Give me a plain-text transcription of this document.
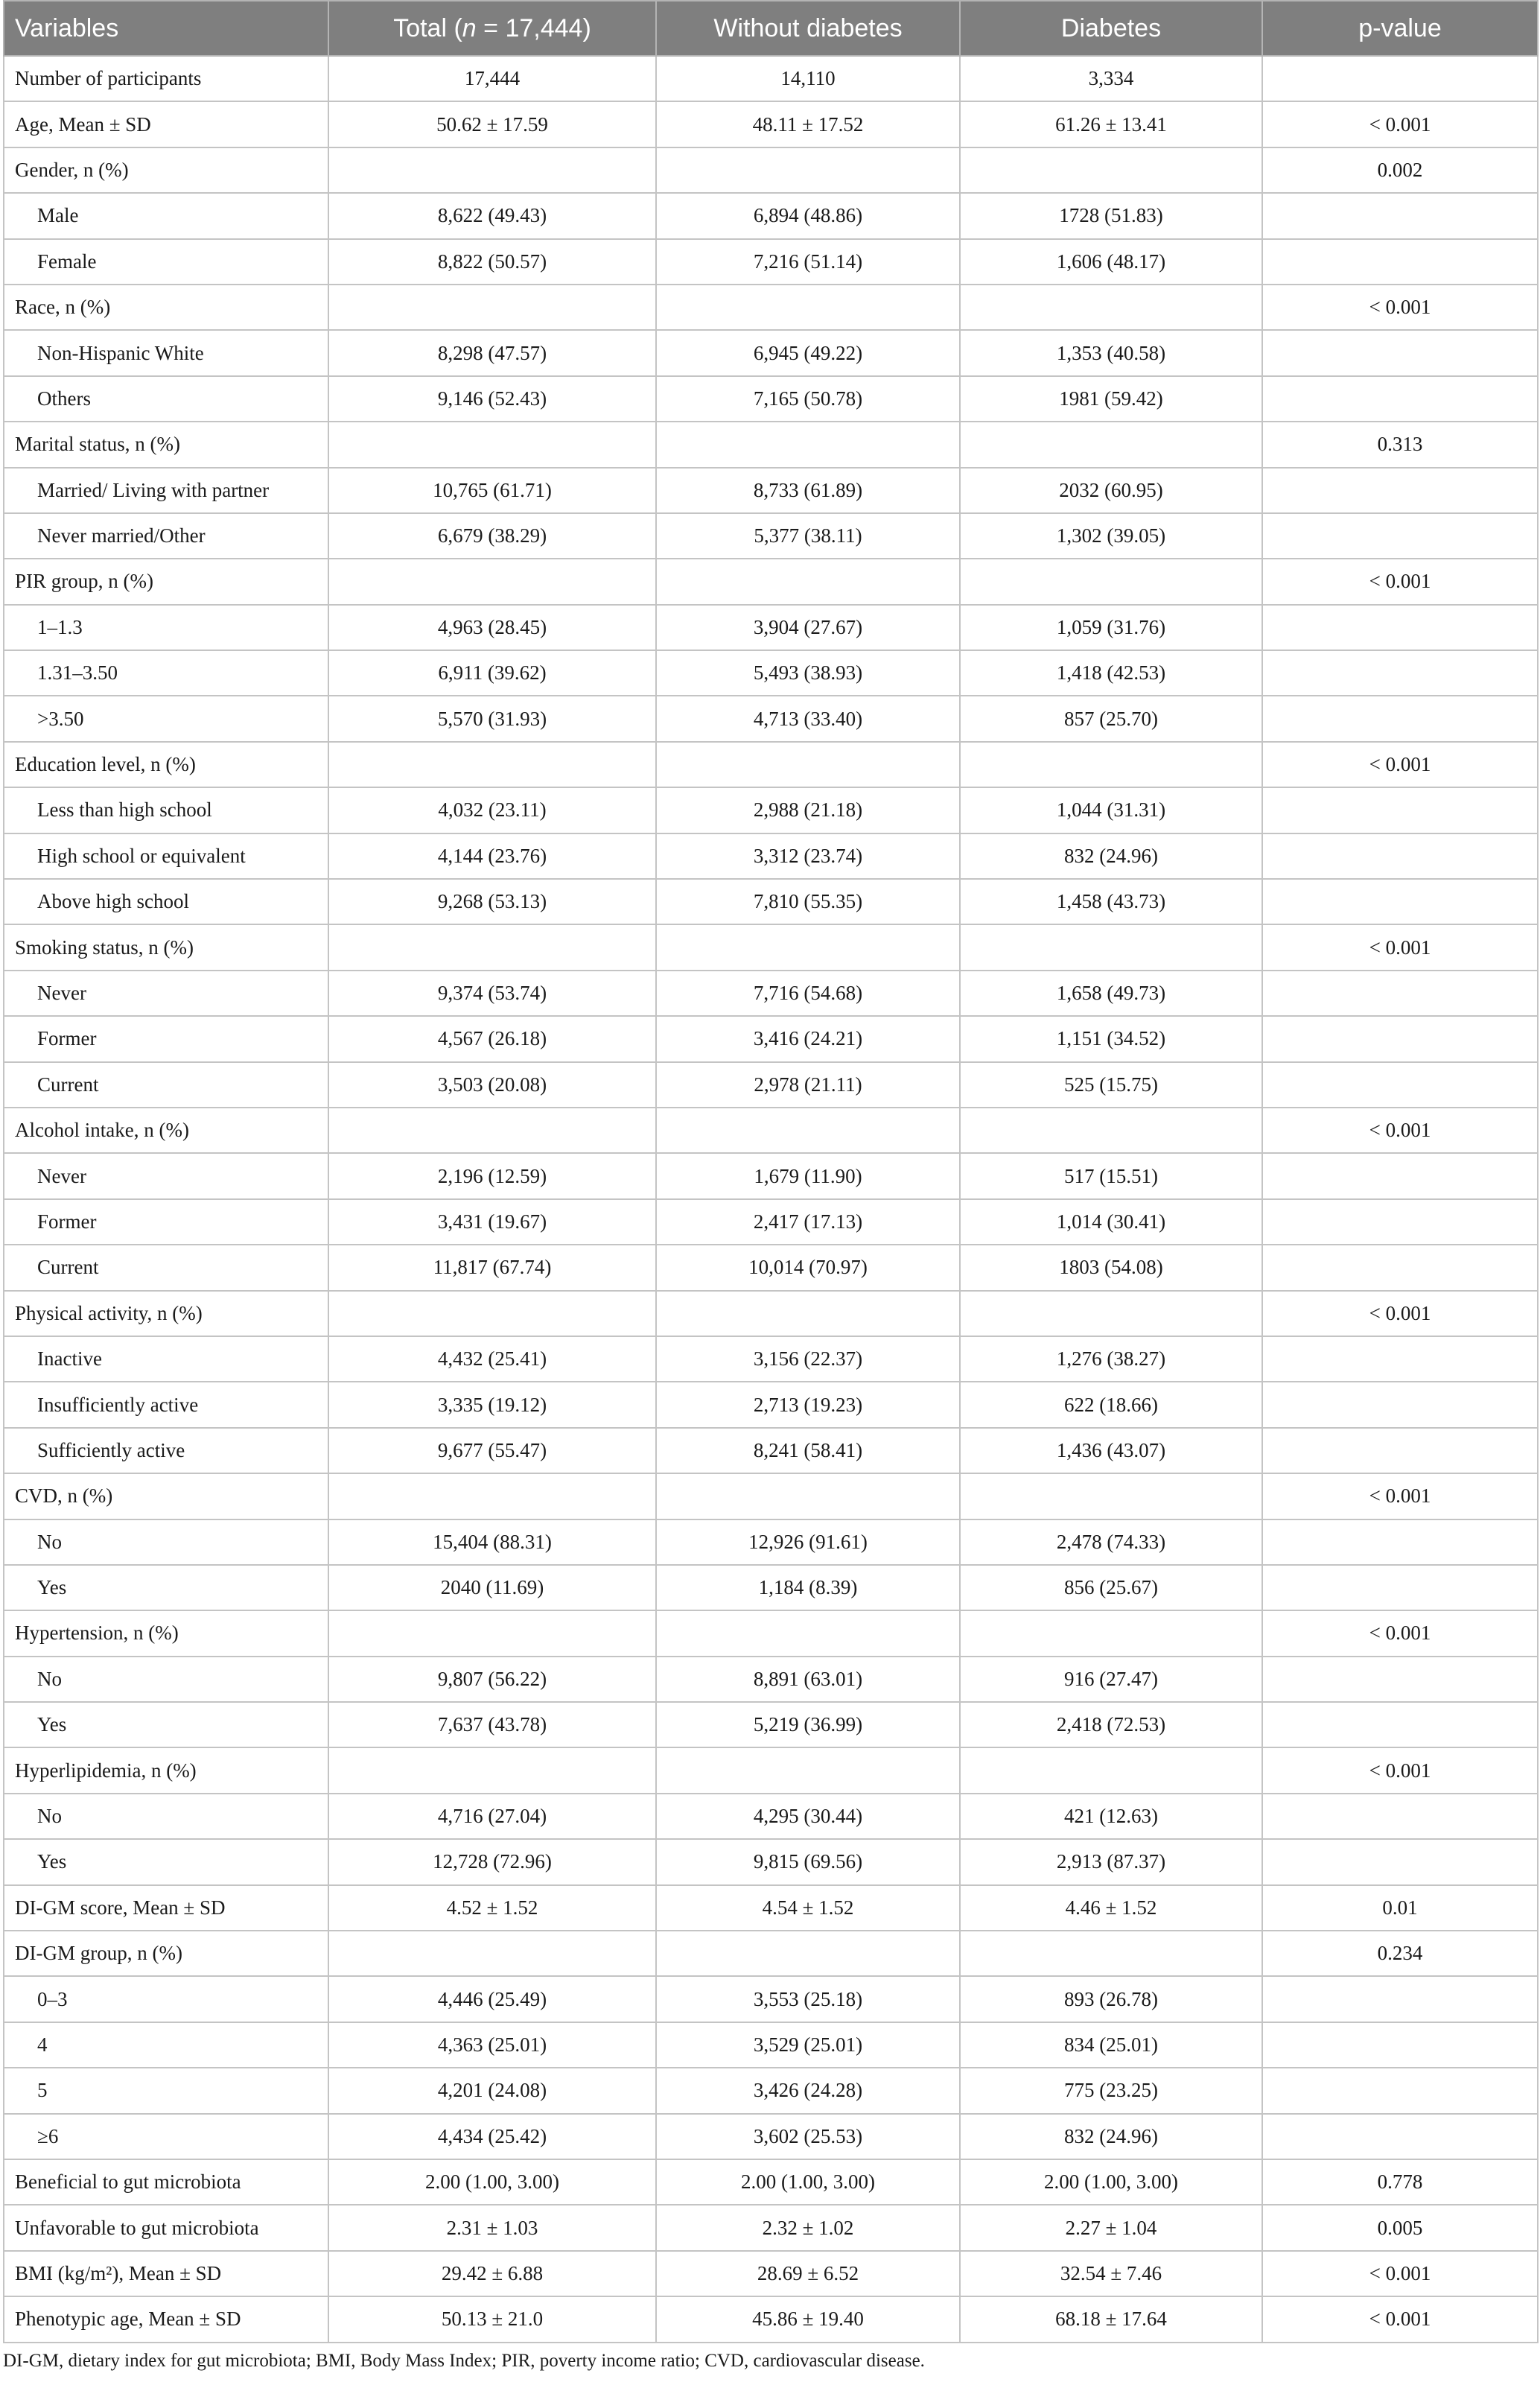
Variables	Total (n = 17,444)	Without diabetes	Diabetes	p-value
Number of participants	17,444	14,110	3,334	
Age, Mean ± SD	50.62 ± 17.59	48.11 ± 17.52	61.26 ± 13.41	< 0.001
Gender, n (%)				0.002
Male	8,622 (49.43)	6,894 (48.86)	1728 (51.83)	
Female	8,822 (50.57)	7,216 (51.14)	1,606 (48.17)	
Race, n (%)				< 0.001
Non-Hispanic White	8,298 (47.57)	6,945 (49.22)	1,353 (40.58)	
Others	9,146 (52.43)	7,165 (50.78)	1981 (59.42)	
Marital status, n (%)				0.313
Married/ Living with partner	10,765 (61.71)	8,733 (61.89)	2032 (60.95)	
Never married/Other	6,679 (38.29)	5,377 (38.11)	1,302 (39.05)	
PIR group, n (%)				< 0.001
1–1.3	4,963 (28.45)	3,904 (27.67)	1,059 (31.76)	
1.31–3.50	6,911 (39.62)	5,493 (38.93)	1,418 (42.53)	
>3.50	5,570 (31.93)	4,713 (33.40)	857 (25.70)	
Education level, n (%)				< 0.001
Less than high school	4,032 (23.11)	2,988 (21.18)	1,044 (31.31)	
High school or equivalent	4,144 (23.76)	3,312 (23.74)	832 (24.96)	
Above high school	9,268 (53.13)	7,810 (55.35)	1,458 (43.73)	
Smoking status, n (%)				< 0.001
Never	9,374 (53.74)	7,716 (54.68)	1,658 (49.73)	
Former	4,567 (26.18)	3,416 (24.21)	1,151 (34.52)	
Current	3,503 (20.08)	2,978 (21.11)	525 (15.75)	
Alcohol intake, n (%)				< 0.001
Never	2,196 (12.59)	1,679 (11.90)	517 (15.51)	
Former	3,431 (19.67)	2,417 (17.13)	1,014 (30.41)	
Current	11,817 (67.74)	10,014 (70.97)	1803 (54.08)	
Physical activity, n (%)				< 0.001
Inactive	4,432 (25.41)	3,156 (22.37)	1,276 (38.27)	
Insufficiently active	3,335 (19.12)	2,713 (19.23)	622 (18.66)	
Sufficiently active	9,677 (55.47)	8,241 (58.41)	1,436 (43.07)	
CVD, n (%)				< 0.001
No	15,404 (88.31)	12,926 (91.61)	2,478 (74.33)	
Yes	2040 (11.69)	1,184 (8.39)	856 (25.67)	
Hypertension, n (%)				< 0.001
No	9,807 (56.22)	8,891 (63.01)	916 (27.47)	
Yes	7,637 (43.78)	5,219 (36.99)	2,418 (72.53)	
Hyperlipidemia, n (%)				< 0.001
No	4,716 (27.04)	4,295 (30.44)	421 (12.63)	
Yes	12,728 (72.96)	9,815 (69.56)	2,913 (87.37)	
DI-GM score, Mean ± SD	4.52 ± 1.52	4.54 ± 1.52	4.46 ± 1.52	0.01
DI-GM group, n (%)				0.234
0–3	4,446 (25.49)	3,553 (25.18)	893 (26.78)	
4	4,363 (25.01)	3,529 (25.01)	834 (25.01)	
5	4,201 (24.08)	3,426 (24.28)	775 (23.25)	
≥6	4,434 (25.42)	3,602 (25.53)	832 (24.96)	
Beneficial to gut microbiota	2.00 (1.00, 3.00)	2.00 (1.00, 3.00)	2.00 (1.00, 3.00)	0.778
Unfavorable to gut microbiota	2.31 ± 1.03	2.32 ± 1.02	2.27 ± 1.04	0.005
BMI (kg/m²), Mean ± SD	29.42 ± 6.88	28.69 ± 6.52	32.54 ± 7.46	< 0.001
Phenotypic age, Mean ± SD	50.13 ± 21.0	45.86 ± 19.40	68.18 ± 17.64	< 0.001
DI-GM, dietary index for gut microbiota; BMI, Body Mass Index; PIR, poverty income ratio; CVD, cardiovascular disease.
